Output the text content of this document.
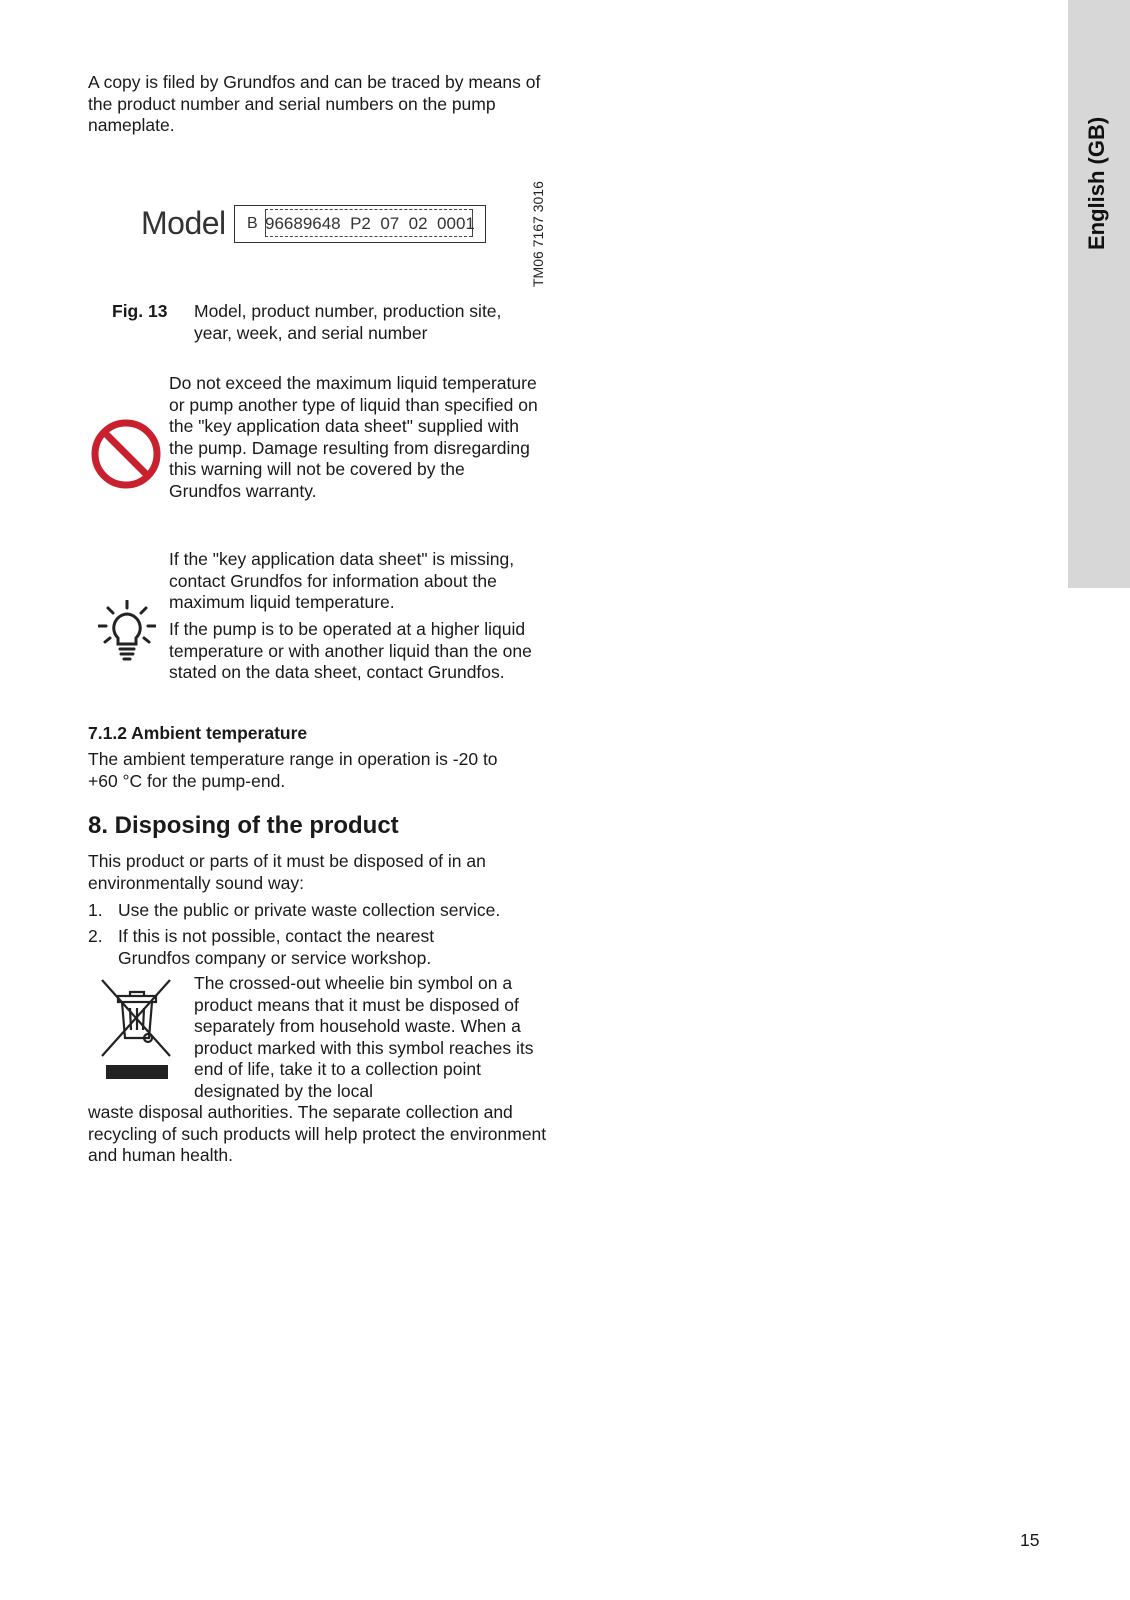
English (GB)

A copy is filed by Grundfos and can be traced by means of the product number and serial numbers on the pump nameplate.

Model B 96689648  P2  07  02  0001	TM06 7167 3016
Fig. 13 Model, product number, production site, year, week, and serial number

Do not exceed the maximum liquid temperature or pump another type of liquid than specified on the "key application data sheet" supplied with the pump. Damage resulting from disregarding this warning will not be covered by the Grundfos warranty.

If the "key application data sheet" is missing, contact Grundfos for information about the maximum liquid temperature.

If the pump is to be operated at a higher liquid temperature or with another liquid than the one stated on the data sheet, contact Grundfos.

7.1.2 Ambient temperature

The ambient temperature range in operation is -20 to +60 °C for the pump-end.

8. Disposing of the product

This product or parts of it must be disposed of in an environmentally sound way:

1. Use the public or private waste collection service.

2. If this is not possible, contact the nearest Grundfos company or service workshop.

The crossed-out wheelie bin symbol on a product means that it must be disposed of separately from household waste. When a product marked with this symbol reaches its end of life, take it to a collection point designated by the local

waste disposal authorities. The separate collection and recycling of such products will help protect the environment and human health.

15
